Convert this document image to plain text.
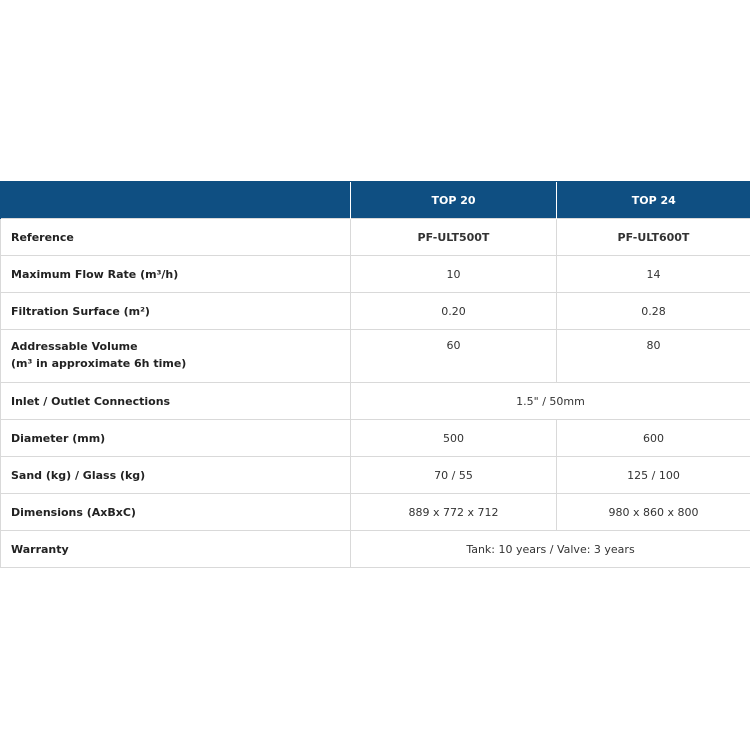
	TOP 20	TOP 24
Reference	PF-ULT500T	PF-ULT600T
Maximum Flow Rate (m³/h)	10	14
Filtration Surface (m²)	0.20	0.28

Addressable Volume
(m³ in approximate 6h time)	60	80
Inlet / Outlet Connections	1.5" / 50mm	
Diameter (mm)	500	600
Sand (kg) / Glass (kg)	70 / 55	125 / 100
Dimensions (AxBxC)	889 x 772 x 712	980 x 860 x 800
Warranty	Tank: 10 years / Valve: 3 years	
